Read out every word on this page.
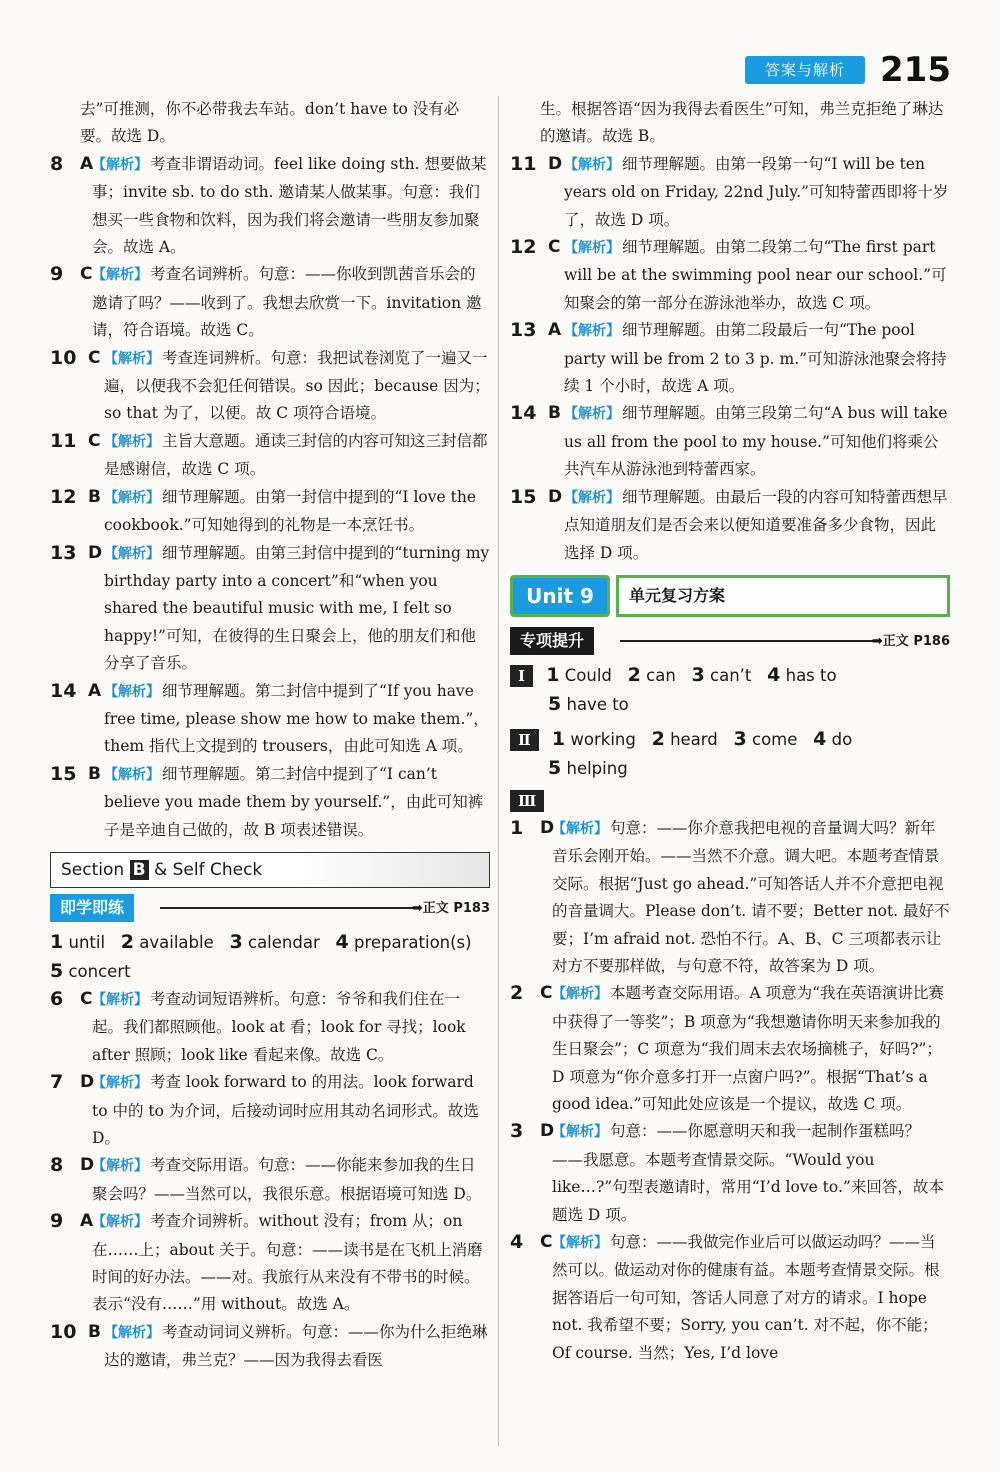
答案与解析	215

去”可推测，你不必带我去车站。don’t have to 没有必要。故选 D。

8 A
【解析】 考查非谓语动词。feel like doing sth. 想要做某事；invite sb. to do sth. 邀请某人做某事。句意：我们想买一些食物和饮料，因为我们将会邀请一些朋友参加聚会。故选 A。

9 C 【解析】 考查名词辨析。句意：——你收到凯茜音乐会的邀请了吗？——收到了。我想去欣赏一下。invitation 邀请，符合语境。故选 C。

10 C 【解析】 考查连词辨析。句意：我把试卷浏览了一遍又一遍，以便我不会犯任何错误。so 因此；because 因为；so that 为了，以便。故 C 项符合语境。

11 C 【解析】 主旨大意题。通读三封信的内容可知这三封信都是感谢信，故选 C 项。

12 B 【解析】 细节理解题。由第一封信中提到的“I love the cookbook.”可知她得到的礼物是一本烹饪书。

13 D 【解析】 细节理解题。由第三封信中提到的“turning my birthday party into a concert”和“when you shared the beautiful music with me, I felt so happy!”可知，在彼得的生日聚会上，他的朋友们和他分享了音乐。

14 A 【解析】 细节理解题。第二封信中提到了“If you have free time, please show me how to make them.”，them 指代上文提到的 trousers，由此可知选 A 项。

15 B 【解析】 细节理解题。第二封信中提到了“I can’t believe you made them by yourself.”，由此可知裤子是辛迪自己做的，故 B 项表述错误。

Section B & Self Check
即学即练	➡正文 P183

1 until 2 available 3 calendar 4 preparation(s)

5 concert

6 C 【解析】 考查动词短语辨析。句意：爷爷和我们住在一起。我们都照顾他。look at 看；look for 寻找；look after 照顾；look like 看起来像。故选 C。

7 D
【解析】 考查 look forward to 的用法。look forward to 中的 to 为介词，后接动词时应用其动名词形式。故选 D。

8 D
【解析】 考查交际用语。句意：——你能来参加我的生日聚会吗？——当然可以，我很乐意。根据语境可知选 D。

9 A
【解析】 考查介词辨析。without 没有；from 从；on 在……上；about 关于。句意：——读书是在飞机上消磨时间的好办法。——对。我旅行从来没有不带书的时候。表示“没有……”用 without。故选 A。

10 B 【解析】 考查动词词义辨析。句意：——你为什么拒绝琳达的邀请，弗兰克？——因为我得去看医

生。根据答语“因为我得去看医生”可知，弗兰克拒绝了琳达的邀请。故选 B。

11 D 【解析】 细节理解题。由第一段第一句“I will be ten years old on Friday, 22nd July.”可知特蕾西即将十岁了，故选 D 项。

12 C 【解析】 细节理解题。由第二段第二句“The first part will be at the swimming pool near our school.”可知聚会的第一部分在游泳池举办，故选 C 项。

13 A 【解析】 细节理解题。由第二段最后一句“The pool party will be from 2 to 3 p. m.”可知游泳池聚会将持续 1 个小时，故选 A 项。

14 B 【解析】 细节理解题。由第三段第二句“A bus will take us all from the pool to my house.”可知他们将乘公共汽车从游泳池到特蕾西家。

15 D 【解析】 细节理解题。由最后一段的内容可知特蕾西想早点知道朋友们是否会来以便知道要准备多少食物，因此选择 D 项。

Unit 9	单元复习方案
专项提升	➡正文 P186

Ⅰ 1 Could 2 can 3 can’t 4 has to

5 have to

Ⅱ 1 working 2 heard 3 come 4 do

5 helping

Ⅲ

1 D
【解析】 句意：——你介意我把电视的音量调大吗？新年音乐会刚开始。——当然不介意。调大吧。本题考查情景交际。根据“Just go ahead.”可知答话人并不介意把电视的音量调大。Please don’t. 请不要；Better not. 最好不要；I’m afraid not. 恐怕不行。A、B、C 三项都表示让对方不要那样做，与句意不符，故答案为 D 项。

2 C 【解析】 本题考查交际用语。A 项意为“我在英语演讲比赛中获得了一等奖”；B 项意为“我想邀请你明天来参加我的生日聚会”；C 项意为“我们周末去农场摘桃子，好吗?”；D 项意为“你介意多打开一点窗户吗?”。根据“That’s a good idea.”可知此处应该是一个提议，故选 C 项。

3 D
【解析】 句意：——你愿意明天和我一起制作蛋糕吗？——我愿意。本题考查情景交际。“Would you like…?”句型表邀请时，常用“I’d love to.”来回答，故本题选 D 项。

4 C 【解析】 句意：——我做完作业后可以做运动吗？——当然可以。做运动对你的健康有益。本题考查情景交际。根据答语后一句可知，答话人同意了对方的请求。I hope not. 我希望不要；Sorry, you can’t. 对不起，你不能；Of course. 当然；Yes, I’d love
